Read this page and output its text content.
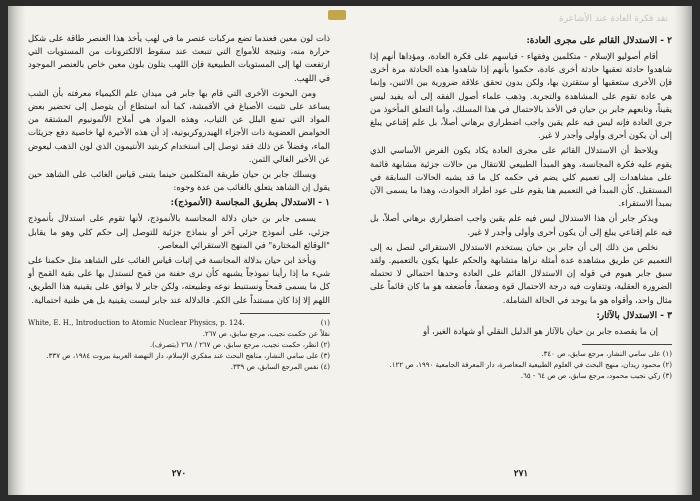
ذات لون معين فعندما تضع مركبات عنصر ما في لهب يأخذ هذا العنصر طاقة على شكل حرارة منه، ونتيجة للأمواج التي تنبعث عند سقوط الالكترونات من المستويات التي ارتفعت لها إلى المستويات الطبيعية فإن اللهب يتلون بلون معين خاص بالعنصر الموجود في اللهب.

ومن البحوث الأخرى التي قام بها جابر في ميدان علم الكيمياء معرفته بأن الشب يساعد على تثبيت الأصباغ في الأقمشة، كما أنه استطاع أن يتوصل إلى تحضير بعض المواد التي تمنع البلل عن الثياب، وهذه المواد هي أملاح الألمونيوم المشتقة من الحوامض العضوية ذات الأجزاء الهيدروكربونية، إذ أن هذه الأخيرة لها خاصية دفع جزيئات الماء، وفضلاً عن ذلك فقد توصل إلى استخدام كربتيد الأنتيمون الذي لون الذهب ليعوض عن الأخير الغالي الثمن.

ويسلك جابر بن حيان طريقة المتكلمين حينما يتبنى قياس الغائب على الشاهد حين يقول إن الشاهد يتعلق بالغائب من عدة وجوه:

١ - الاستدلال بطريق المجانسة (الأنموذج):

يسمى جابر بن حيان دلالة المجانسة بالأنموذج، لأنها تقوم على استدلال بأنموذج جزئي، على أنموذج جزئي آخر أو بنماذج جزئية للتوصل إلى حكم كلي وهو ما يقابل "الوقائع المختارة" في المنهج الاستقرائي المعاصر.

ويأخذ ابن حيان بدلالة المجانسة في إثبات قياس الغائب على الشاهد مثل حكمنا على شيء ما إذا رأينا نموذجاً يشبهه كأن نرى حفنة من قمح لنستدل بها على بقية القمح أو كل ما يسمى قمحاً ونستنبط نوعه وطبيعته، ولكن جابر لا يوافق على يقينية هذا الطريق، اللهم إلا إذا كان مستنداً على الكم. فالدلالة عند جابر ليست يقينية بل هي ظنية احتمالية.

(١)
White, E. H., Introduction to Atomic Nuclear Physics, p. 124.

نقلاً عن حكمت نجيب، مرجع سابق، ص ٢٦٧.

(٢) انظر، حكمت نجيب، مرجع سابق، ص ٢٦٧ / ٢٦٨ (بتصرف).

(٣) على سامي النشار، مناهج البحث عند مفكري الإسلام، دار النهضة العربية بيروت ١٩٨٤، ص ٣٣٧.

(٤) نفس المرجع السابق، ص ٣٣٩.

٢٧٠
نقد فكرة العادة عند الأشاعرة

٢ - الاستدلال القائم على مجرى العادة:

أقام أصوليو الإسلام - متكلمين وفقهاء - قياسهم على فكرة العادة، ومؤداها أنهم إذا شاهدوا حادثة تعقبها حادثة أخرى عادة، حكموا بأنهم إذا شاهدوا هذه الحادثة مرة أخرى فإن الأخرى ستعقبها أو ستقترن بها، ولكن بدون تحقق علاقة ضرورية بين الاثنين، وإنما هي عادة تقوم على المشاهدة والتجربة. وذهب علماء أصول الفقه إلى أنه يفيد ليس يقيناً، وتابعهم جابر بن حيان في الأخذ بالاحتمال في هذا المسلك، وأما التعلق المأخوذ من جري العادة فإنه ليس فيه علم يقين واجب اضطراري برهاني أصلاً، بل علم إقناعي يبلغ إلى أن يكون أحرى وأولى وأجدر لا غير.

ويلاحظ أن الاستدلال القائم على مجرى العادة يكاد يكون الفرض الأساسي الذي يقوم عليه فكرة المجانسة، وهو المبدأ الطبيعي للانتقال من حالات جزئية مشابهة قائمة على مشاهدات إلى تعميم كلي يضم في حكمه كل ما قد يشبه الحالات السابقة في المستقبل. كأن المبدأ في التعميم هنا يقوم على عود اطراد الحوادث، وهذا ما يسمى الآن بمبدأ الاستقراء.

ويذكر جابر أن هذا الاستدلال ليس فيه علم يقين واجب اضطراري برهاني أصلاً، بل فيه علم إقناعي يبلغ إلى أن يكون أحرى وأولى وأجدر لا غير.

نخلص من ذلك إلى أن جابر بن حيان يستخدم الاستدلال الاستقرائي لنصل به إلى التعميم عن طريق مشاهدة عدة أمثلة نراها متشابهة والحكم عليها يكون بالتعميم. ولقد سبق جابر هيوم في قوله إن الاستدلال القائم على العادة وحدها احتمالي لا تحتمله الضرورة العقلية، وتتفاوت فيه درجة الاحتمال قوة وضعفاً، فأضعفه هو ما كان قائماً على مثال واحد، وأقواه هو ما يوجد في الحالة الشاملة.

٣ - الاستدلال بالآثار:

إن ما يقصده جابر بن حيان بالآثار هو الدليل النقلي أو شهادة الغير، أو

(١) على سامي النشار، مرجع سابق، ص ٣٤٠.

(٢) محمود زيدان، منهج البحث في العلوم الطبيعية المعاصرة، دار المعرفة الجامعية ١٩٩٠، ص ١٢٢.

(٣) زكي نجيب محمود، مرجع سابق، ص ص ٦٤ - ٦٥.

٢٧١
